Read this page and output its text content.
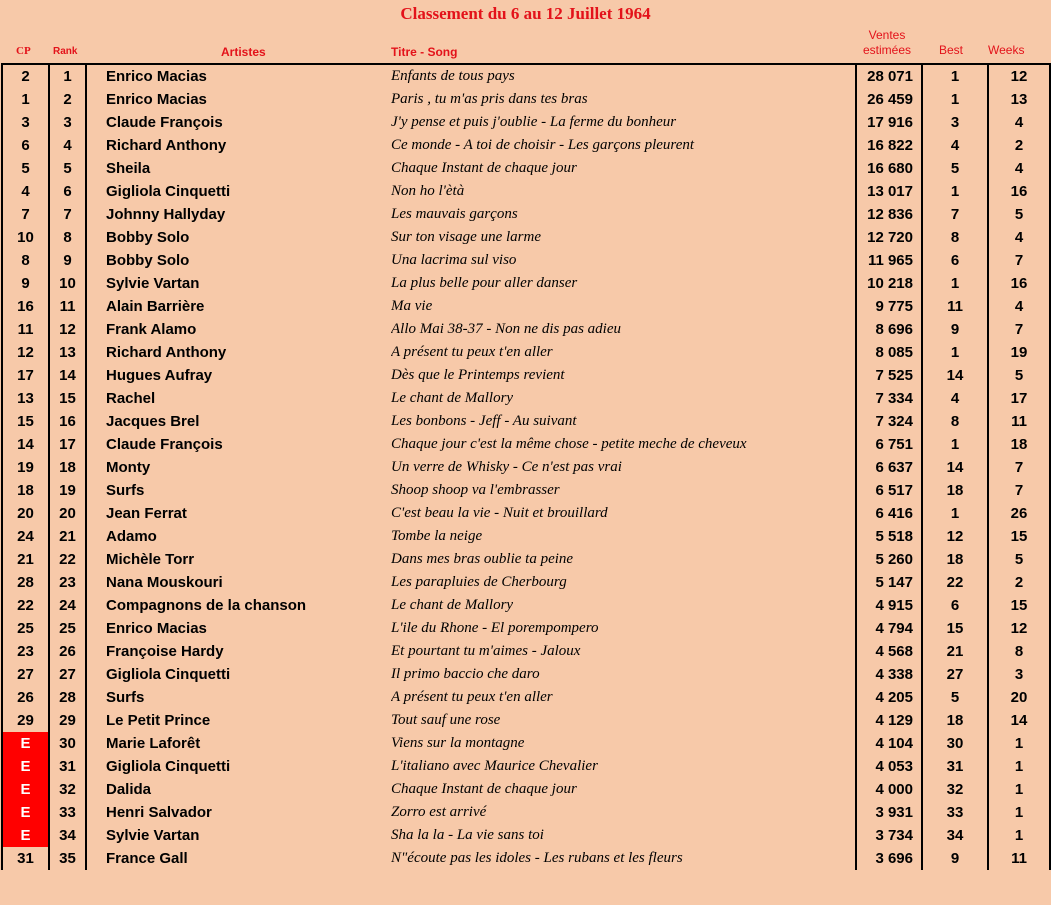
Classement du 6 au 12 Juillet 1964
CP Rank	Artistes	Titre - Song
Ventes
estimées	Best Weeks
2	1	Enrico Macias	Enfants de tous pays	28 071	1	12
1	2	Enrico Macias	Paris , tu m'as pris dans tes bras	26 459	1	13
3	3	Claude François	J'y pense et puis j'oublie - La ferme du bonheur	17 916	3	4
6	4	Richard Anthony	Ce monde - A toi de choisir - Les garçons pleurent	16 822	4	2
5	5	Sheila	Chaque Instant de chaque jour	16 680	5	4
4	6	Gigliola Cinquetti	Non ho l'ètà	13 017	1	16
7	7	Johnny Hallyday	Les mauvais garçons	12 836	7	5
10	8	Bobby Solo	Sur ton visage une larme	12 720	8	4
8	9	Bobby Solo	Una lacrima sul viso	11 965	6	7
9	10	Sylvie Vartan	La plus belle pour aller danser	10 218	1	16
16	11	Alain Barrière	Ma vie	9 775	11	4
11	12	Frank Alamo	Allo Mai 38-37 - Non ne dis pas adieu	8 696	9	7
12	13	Richard Anthony	A présent tu peux t'en aller	8 085	1	19
17	14	Hugues Aufray	Dès que le Printemps revient	7 525	14	5
13	15	Rachel	Le chant de Mallory	7 334	4	17
15	16	Jacques Brel	Les bonbons - Jeff - Au suivant	7 324	8	11
14	17	Claude François	Chaque jour c'est la même chose - petite meche de cheveux	6 751	1	18
19	18	Monty	Un verre de Whisky - Ce n'est pas vrai	6 637	14	7
18	19	Surfs	Shoop shoop va l'embrasser	6 517	18	7
20	20	Jean Ferrat	C'est beau la vie - Nuit et brouillard	6 416	1	26
24	21	Adamo	Tombe la neige	5 518	12	15
21	22	Michèle Torr	Dans mes bras oublie ta peine	5 260	18	5
28	23	Nana Mouskouri	Les parapluies de Cherbourg	5 147	22	2
22	24	Compagnons de la chanson	Le chant de Mallory	4 915	6	15
25	25	Enrico Macias	L'ile du Rhone - El porempompero	4 794	15	12
23	26	Françoise Hardy	Et pourtant tu m'aimes - Jaloux	4 568	21	8
27	27	Gigliola Cinquetti	Il primo baccio che daro	4 338	27	3
26	28	Surfs	A présent tu peux t'en aller	4 205	5	20
29	29	Le Petit Prince	Tout sauf une rose	4 129	18	14
E	30	Marie Laforêt	Viens sur la montagne	4 104	30	1
E	31	Gigliola Cinquetti	L'italiano avec Maurice Chevalier	4 053	31	1
E	32	Dalida	Chaque Instant de chaque jour	4 000	32	1
E	33	Henri Salvador	Zorro est arrivé	3 931	33	1
E	34	Sylvie Vartan	Sha la la - La vie sans toi	3 734	34	1
31	35	France Gall	N"écoute pas les idoles - Les rubans et les fleurs	3 696	9	11
